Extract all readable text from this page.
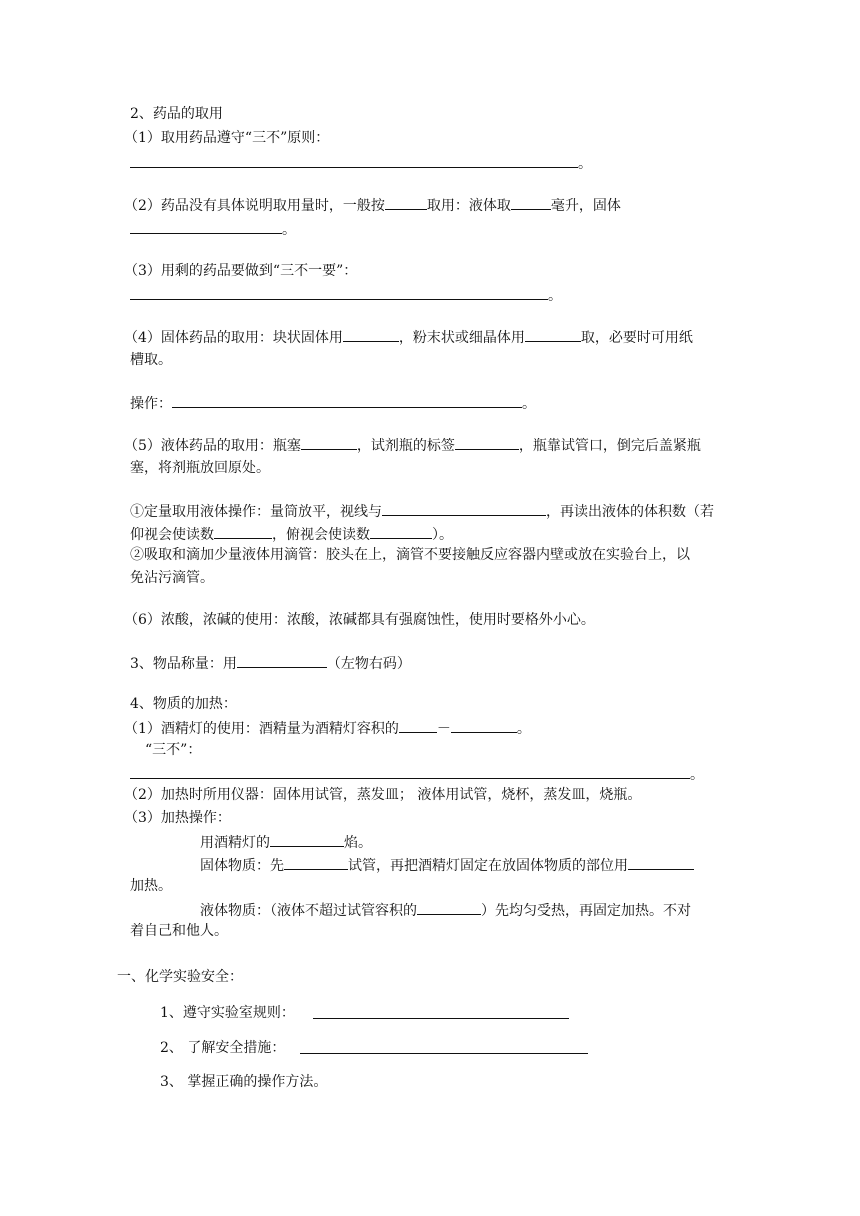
2、药品的取用
（1）取用药品遵守“三不”原则：
。
（2）药品没有具体说明取用量时，一般按	取用：液体取	毫升，固体
。
（3）用剩的药品要做到“三不一要”：
。
（4）固体药品的取用：块状固体用	，粉末状或细晶体用	取，必要时可用纸
槽取。
操作：	。
（5）液体药品的取用：瓶塞	，试剂瓶的标签	，瓶靠试管口，倒完后盖紧瓶
塞，将剂瓶放回原处。
①定量取用液体操作：量筒放平，视线与	，再读出液体的体积数（若
仰视会使读数	，俯视会使读数	）。
②吸取和滴加少量液体用滴管：胶头在上，滴管不要接触反应容器内壁或放在实验台上，以
免沾污滴管。
（6）浓酸，浓碱的使用：浓酸，浓碱都具有强腐蚀性，使用时要格外小心。
3、物品称量：用	（左物右码）
4、物质的加热：
（1）酒精灯的使用：酒精量为酒精灯容积的	－	。
“三不”：
。
（2）加热时所用仪器：固体用试管，蒸发皿； 液体用试管，烧杯，蒸发皿，烧瓶。
（3）加热操作：
用酒精灯的	焰。
固体物质：先	试管，再把酒精灯固定在放固体物质的部位用
加热。
液体物质：（液体不超过试管容积的	）先均匀受热，再固定加热。不对
着自己和他人。
一、化学实验安全：
1、遵守实验室规则：
2、 了解安全措施：
3、 掌握正确的操作方法。
